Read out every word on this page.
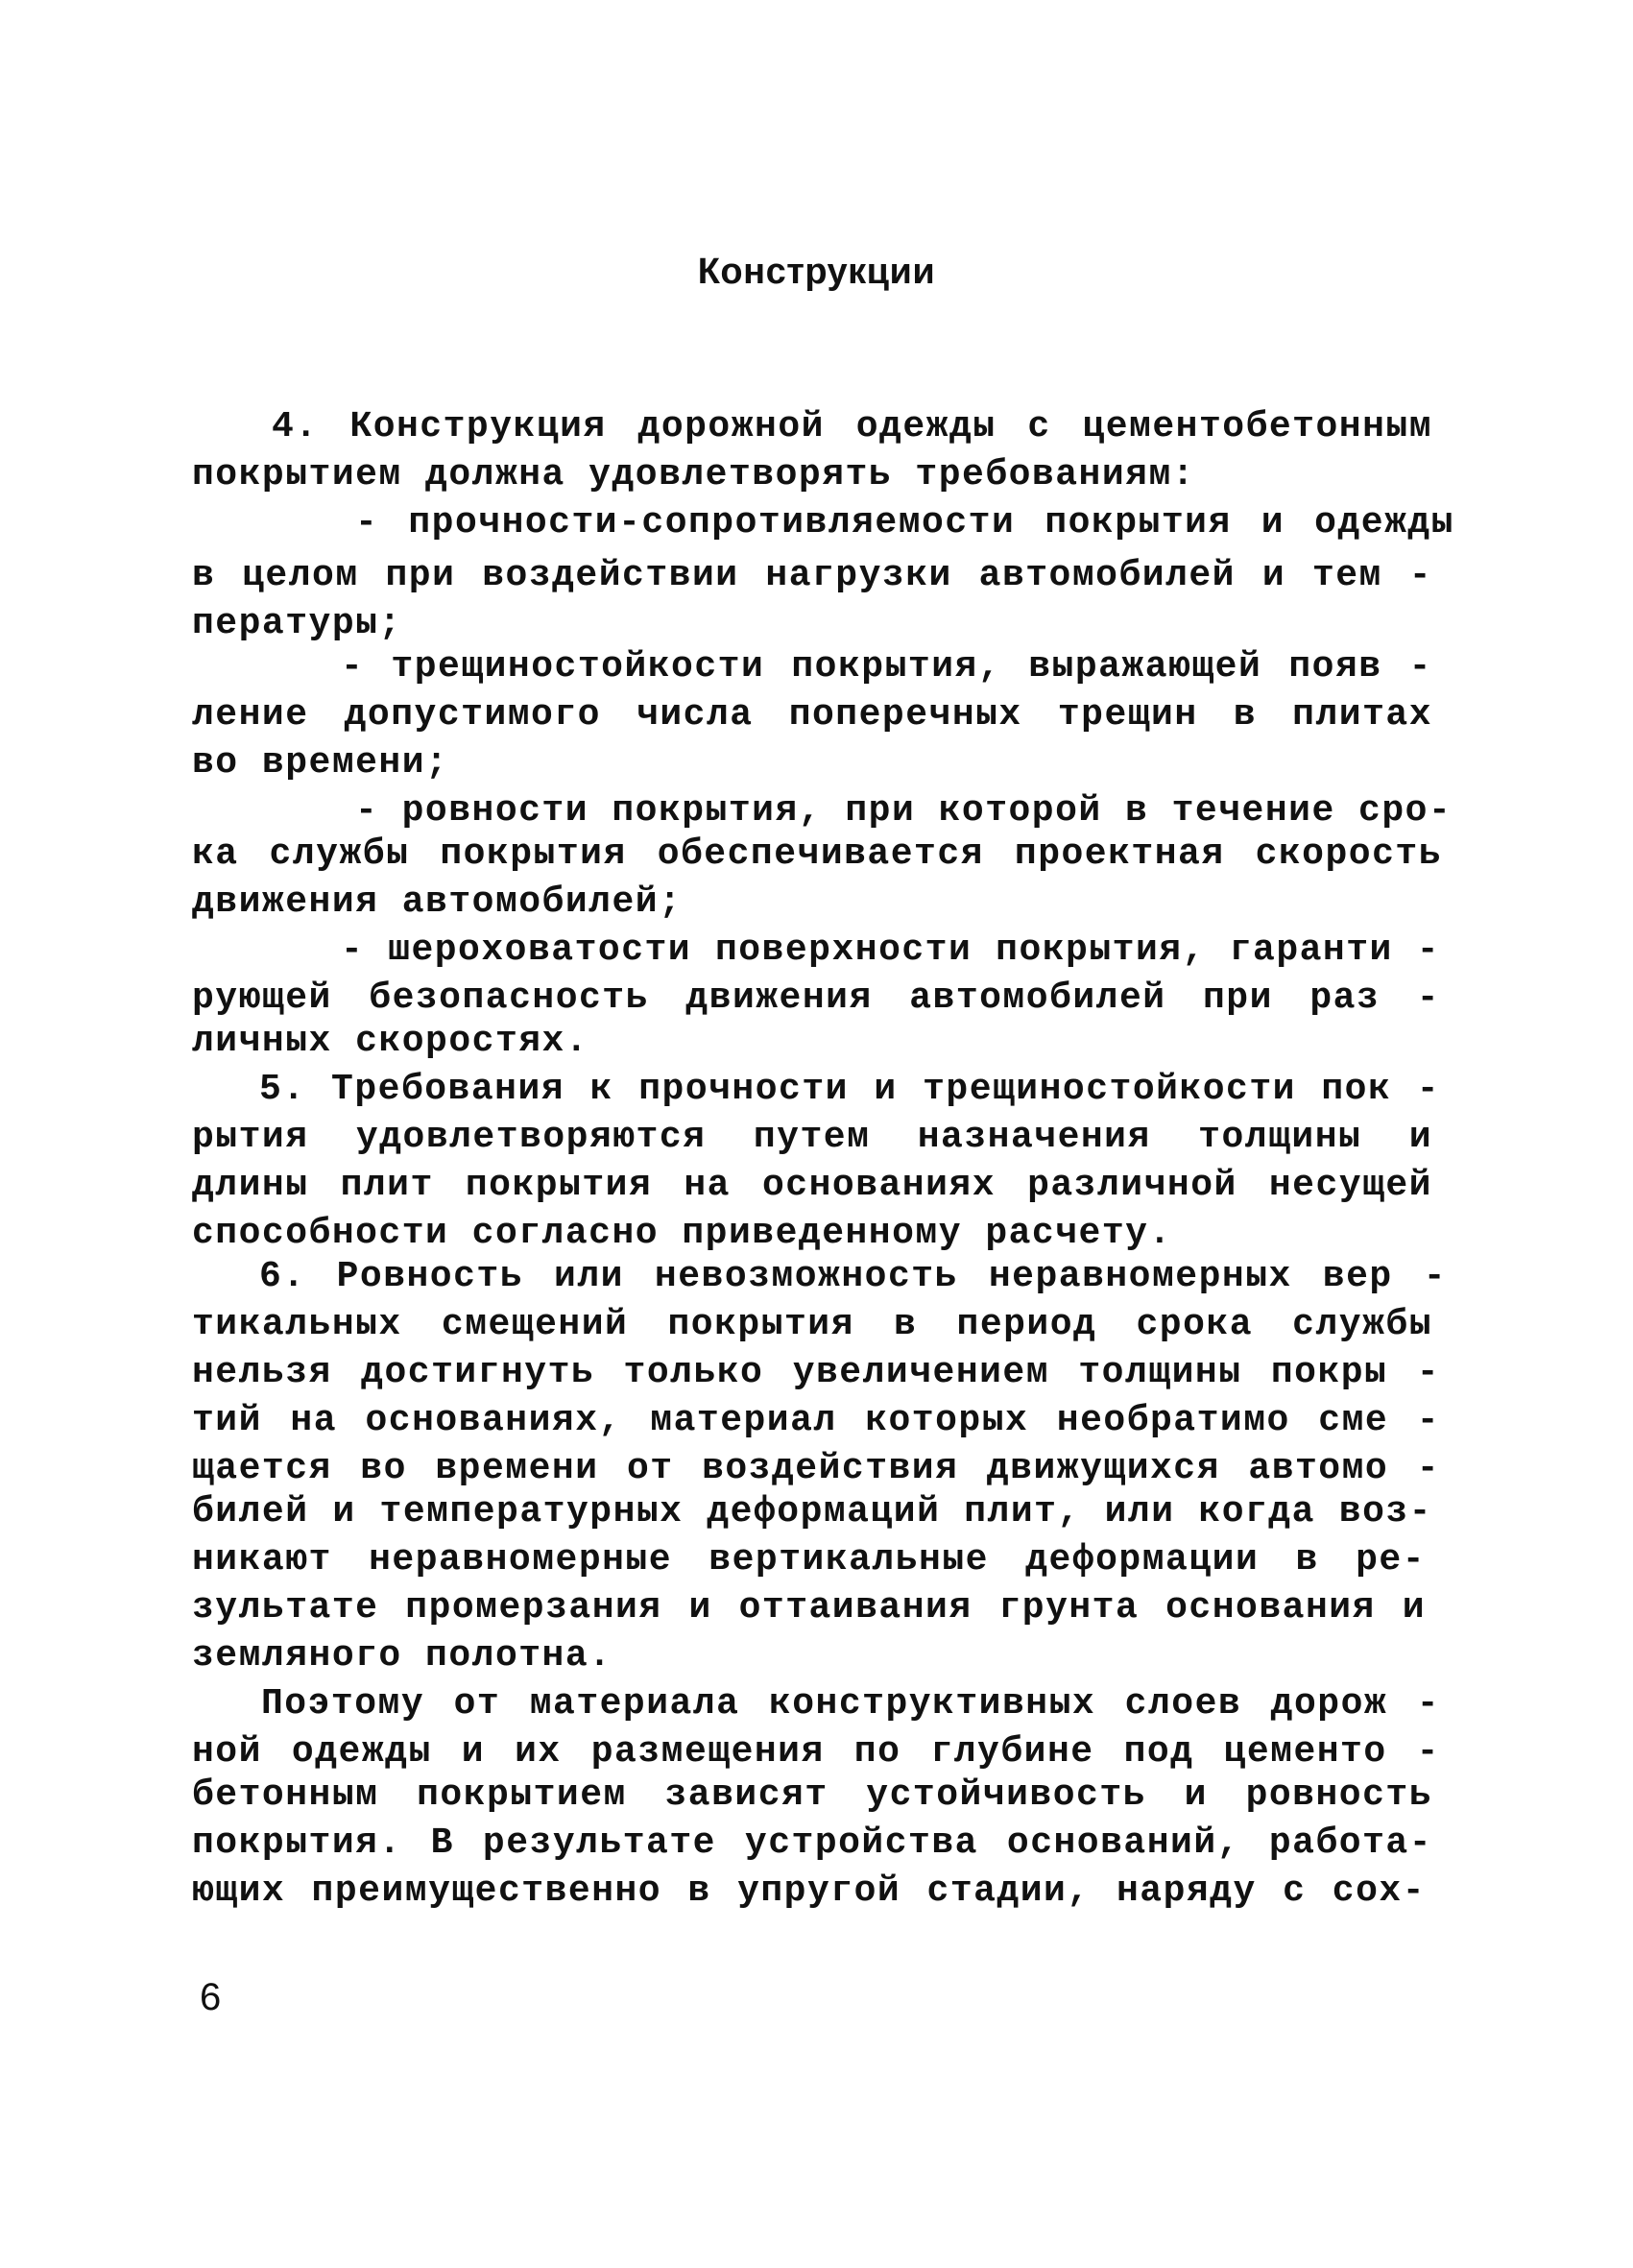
Конструкции
4. Конструкция дорожной одежды с цементобетонным
покрытием должна удовлетворять требованиям:
- прочности-сопротивляемости покрытия и одежды
в целом при воздействии нагрузки автомобилей и тем -
пературы;
- трещиностойкости покрытия, выражающей появ -
ление допустимого числа поперечных трещин в плитах
во времени;
- ровности покрытия, при которой в течение сро-
ка службы покрытия обеспечивается проектная скорость
движения автомобилей;
- шероховатости поверхности покрытия, гаранти -
рующей безопасность движения автомобилей при раз -
личных скоростях.
5. Требования к прочности и трещиностойкости пок -
рытия удовлетворяются путем назначения толщины и
длины плит покрытия на основаниях различной несущей
способности согласно приведенному расчету.
6. Ровность или невозможность неравномерных вер -
тикальных смещений покрытия в период срока службы
нельзя достигнуть только увеличением толщины покры -
тий на основаниях, материал которых необратимо сме -
щается во времени от воздействия движущихся автомо -
билей и температурных деформаций плит, или когда воз-
никают неравномерные вертикальные деформации в ре-
зультате промерзания и оттаивания грунта основания и
земляного полотна.
Поэтому от материала конструктивных слоев дорож -
ной одежды и их размещения по глубине под цементо -
бетонным покрытием зависят устойчивость и ровность
покрытия. В результате устройства оснований, работа-
ющих преимущественно в упругой стадии, наряду с сох-

6
